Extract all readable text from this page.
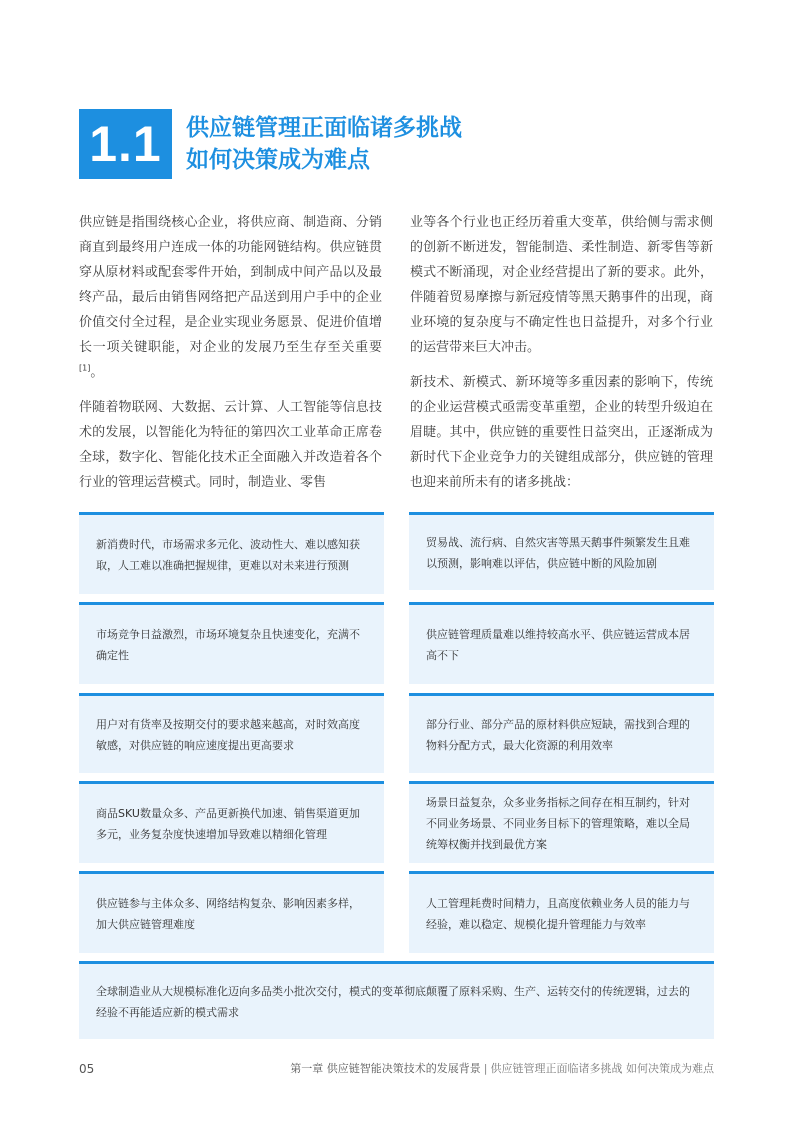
1.1	供应链管理正面临诸多挑战
如何决策成为难点

供应链是指围绕核心企业，将供应商、制造商、分销商直到最终用户连成一体的功能网链结构。供应链贯穿从原材料或配套零件开始，到制成中间产品以及最终产品，最后由销售网络把产品送到用户手中的企业价值交付全过程，是企业实现业务愿景、促进价值增长一项关键职能，对企业的发展乃至生存至关重要[1]。

伴随着物联网、大数据、云计算、人工智能等信息技术的发展，以智能化为特征的第四次工业革命正席卷全球，数字化、智能化技术正全面融入并改造着各个行业的管理运营模式。同时，制造业、零售

业等各个行业也正经历着重大变革，供给侧与需求侧的创新不断迸发，智能制造、柔性制造、新零售等新模式不断涌现，对企业经营提出了新的要求。此外，伴随着贸易摩擦与新冠疫情等黑天鹅事件的出现，商业环境的复杂度与不确定性也日益提升，对多个行业的运营带来巨大冲击。

新技术、新模式、新环境等多重因素的影响下，传统的企业运营模式亟需变革重塑，企业的转型升级迫在眉睫。其中，供应链的重要性日益突出，正逐渐成为新时代下企业竞争力的关键组成部分，供应链的管理也迎来前所未有的诸多挑战：

新消费时代，市场需求多元化、波动性大、难以感知获取，人工难以准确把握规律，更难以对未来进行预测
贸易战、流行病、自然灾害等黑天鹅事件频繁发生且难以预测，影响难以评估，供应链中断的风险加剧
市场竞争日益激烈，市场环境复杂且快速变化，充满不确定性
供应链管理质量难以维持较高水平、供应链运营成本居高不下
用户对有货率及按期交付的要求越来越高，对时效高度敏感，对供应链的响应速度提出更高要求
部分行业、部分产品的原材料供应短缺，需找到合理的物料分配方式，最大化资源的利用效率
商品SKU数量众多、产品更新换代加速、销售渠道更加多元，业务复杂度快速增加导致难以精细化管理
场景日益复杂，众多业务指标之间存在相互制约，针对不同业务场景、不同业务目标下的管理策略，难以全局统筹权衡并找到最优方案
供应链参与主体众多、网络结构复杂、影响因素多样，加大供应链管理难度
人工管理耗费时间精力，且高度依赖业务人员的能力与经验，难以稳定、规模化提升管理能力与效率
全球制造业从大规模标准化迈向多品类小批次交付，模式的变革彻底颠覆了原料采购、生产、运转交付的传统逻辑，过去的经验不再能适应新的模式需求
05	第一章 供应链智能决策技术的发展背景 | 供应链管理正面临诸多挑战 如何决策成为难点
